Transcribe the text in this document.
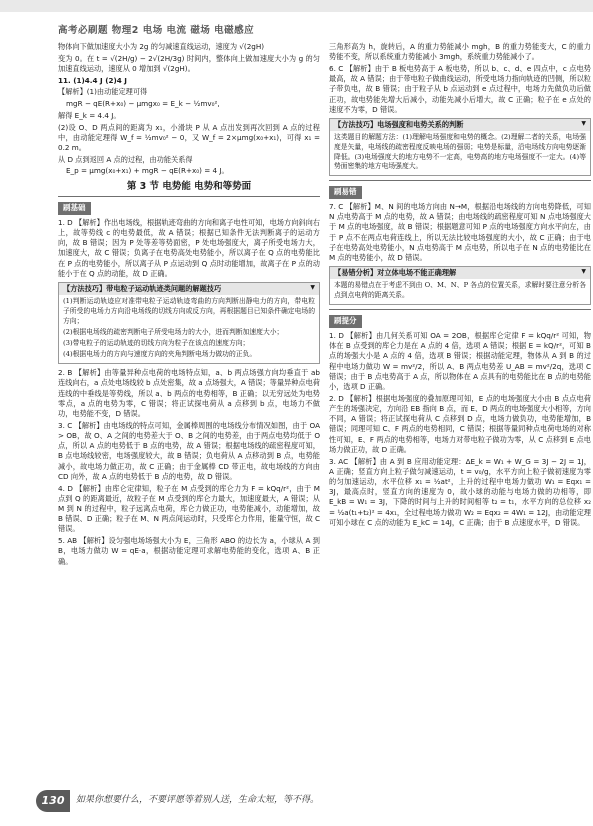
高考必刷题 物理2 电场 电流 磁场 电磁感应

物体向下做加速度大小为 2g 的匀减速直线运动，速度为 √(2gH)

变为 0。在 t = √(2H/g) − 2√(2H/3g) 时间内，整体向上做加速度大小为 g 的匀加速直线运动，速度从 0 增加到 √(2gH)。

11. (1)4.4 J (2)4 J

【解析】(1)由动能定理可得

mgR − qE(R+x₀) − μmgx₀ = E_k − ½mv₀²,

解得 E_k = 4.4 J。

(2)设 O、D 两点间的距离为 x₁，小滑块 P 从 A 点出发到再次回到 A 点的过程中，由动能定理得 W_f = ½mv₀² − 0，又 W_f = 2×μmg(x₀+x₁)，可得 x₁ = 0.2 m。

从 D 点到返回 A 点的过程，由功能关系得

E_p = μmg(x₀+x₁) + mgR − qE(R+x₀) = 4 J。

第 3 节 电势能 电势和等势面
刷基础

1. D 【解析】作出电场线，根据轨迹弯曲的方向和离子电性可知，电场方向斜向右上，故等势线 c 的电势最低，故 A 错误；根据已知条件无法判断离子的运动方向，故 B 错误；因为 P 处等差等势面密，P 处电场强度大，离子所受电场力大，加速度大，故 C 错误；负离子在电势高处电势能小，所以离子在 Q 点的电势能比在 P 点的电势能小，所以离子从 P 点运动到 Q 点时动能增加，故离子在 P 点的动能小于在 Q 点的动能，故 D 正确。

【方法技巧】带电粒子运动轨迹类问题的解题技巧	▼

(1)判断运动轨迹应对准带电粒子运动轨迹弯曲的方向判断出静电力的方向，带电粒子所受的电场力方向沿电场线的切线方向或反方向，再根据题目已知条件确定电场的方向；

(2)根据电场线的疏密判断电子所受电场力的大小，进而判断加速度大小；

(3)带电粒子的运动轨迹的切线方向为粒子在该点的速度方向；

(4)根据电场力的方向与速度方向的夹角判断电场力做功的正负。

2. B 【解析】由等量异种点电荷的电场特点知，a、b 两点场强方向均垂直于 ab 连线向右，a 点处电场线较 b 点处密集，故 a 点场强大，A 错误；等量异种点电荷连线的中垂线是等势线，所以 a、b 两点的电势相等，B 正确；以无穷远处为电势零点，a 点的电势为零，C 错误；将正试探电荷从 a 点移到 b 点，电场力不做功，电势能不变，D 错误。

3. C 【解析】由电场线的特点可知，金属棒周围的电场线分布情况如图，由于 OA > OB，故 O、A 之间的电势差大于 O、B 之间的电势差，由于两点电势均低于 O 点，所以 A 点的电势低于 B 点的电势，故 A 错误；根据电场线的疏密程度可知，B 点电场线较密，电场强度较大，故 B 错误；负电荷从 A 点移动到 B 点，电势能减小，故电场力做正功，故 C 正确；由于金属棒 CD 带正电，故电场线的方向由 CD 向外，故 A 点的电势低于 B 点的电势，故 D 错误。

4. D 【解析】由库仑定律知，粒子在 M 点受到的库仑力为 F = kQq/r²，由于 M 点到 Q 的距离最近，故粒子在 M 点受到的库仑力最大，加速度最大，A 错误；从 M 到 N 的过程中，粒子远离点电荷，库仑力做正功，电势能减小，动能增加，故 B 错误、D 正确；粒子在 M、N 两点间运动时，只受库仑力作用，能量守恒，故 C 错误。

5. AB 【解析】设匀强电场场强大小为 E，三角形 ABO 的边长为 a，小球从 A 到 B，电场力做功 W = qE·a，根据动能定理可求解电势能的变化，选项 A、B 正确。

三角形高为 h，旋转后，A 的重力势能减小 mgh，B 的重力势能变大，C 的重力势能不变，所以系统重力势能减小 3mgh，系统重力势能减小了。

6. C 【解析】由于 B 板电势高于 A 板电势，所以 b、c、d、e 四点中，c 点电势最高，故 A 错误；由于带电粒子做曲线运动，所受电场力指向轨迹的凹侧，所以粒子带负电，故 B 错误；由于粒子从 b 点运动到 e 点过程中，电场力先做负功后做正功，故电势能先增大后减小，动能先减小后增大，故 C 正确；粒子在 e 点处的速度不为零，D 错误。

【方法技巧】电场强度和电势关系的判断	▼

这类题目的解题方法：(1)理解电场强度和电势的概念。(2)理解二者的关系，电场强度是矢量，电场线的疏密程度反映电场的强弱；电势是标量，沿电场线方向电势逐渐降低。(3)电场强度大的地方电势不一定高，电势高的地方电场强度不一定大。(4)等势面密集的地方电场强度大。

刷易错

7. C 【解析】M、N 间的电场方向由 N→M，根据沿电场线的方向电势降低，可知 N 点电势高于 M 点的电势，故 A 错误；由电场线的疏密程度可知 N 点电场强度大于 M 点的电场强度，故 B 错误；根据题意可知 P 点的电场强度方向水平向左，由于 P 点不在两点电荷连线上，所以无法比较电场强度的大小，故 C 正确；由于电子在电势高处电势能小，N 点电势高于 M 点电势，所以电子在 N 点的电势能比在 M 点的电势能小，故 D 错误。

【易错分析】对立体电场不能正确理解	▼

本题的易错点在于考虑不到由 O、M、N、P 各点的位置关系，求解时要注意分析各点到点电荷的距离关系。

刷提分

1. D 【解析】由几何关系可知 OA = 2OB，根据库仑定律 F = kQq/r² 可知，物体在 B 点受到的库仑力是在 A 点的 4 倍，选项 A 错误；根据 E = kQ/r²，可知 B 点的场强大小是 A 点的 4 倍，选项 B 错误；根据动能定理，物体从 A 到 B 的过程中电场力做功 W = mv²/2，所以 A、B 两点电势差 U_AB = mv²/2q，选项 C 错误；由于 B 点电势高于 A 点，所以物体在 A 点具有的电势能比在 B 点的电势能小，选项 D 正确。

2. D 【解析】根据电场强度的叠加原理可知，E 点的电场强度大小由 B 点点电荷产生的场强决定，方向沿 EB 指向 B 点，而 E、D 两点的电场强度大小相等，方向不同，A 错误；将正试探电荷从 C 点移到 D 点，电场力做负功，电势能增加，B 错误；同理可知 C、F 两点的电势相同，C 错误；根据等量同种点电荷电场的对称性可知，E、F 两点的电势相等，电场力对带电粒子做功为零，从 C 点移到 E 点电场力做正功，故 D 正确。

3. AC 【解析】由 A 到 B 应用动能定理：ΔE_k = W₁ + W_G = 3J − 2J = 1J，A 正确；竖直方向上粒子做匀减速运动，t = v₀/g，水平方向上粒子做初速度为零的匀加速运动，水平位移 x₁ = ½at²，上升的过程中电场力做功 W₁ = Eqx₁ = 3J，最高点时，竖直方向的速度为 0，故小球的动能与电场力做的功相等，即 E_kB = W₁ = 3J，下降的时间与上升的时间相等 t₂ = t₁，水平方向的总位移 x₂ = ½a(t₁+t₂)² = 4x₁，全过程电场力做功 W₂ = Eqx₂ = 4W₁ = 12J，由动能定理可知小球在 C 点的动能为 E_kC = 14J，C 正确；由于 B 点速度水平，D 错误。

130	如果你想要什么，不要评愿等着别人送，生命太短，等不得。
